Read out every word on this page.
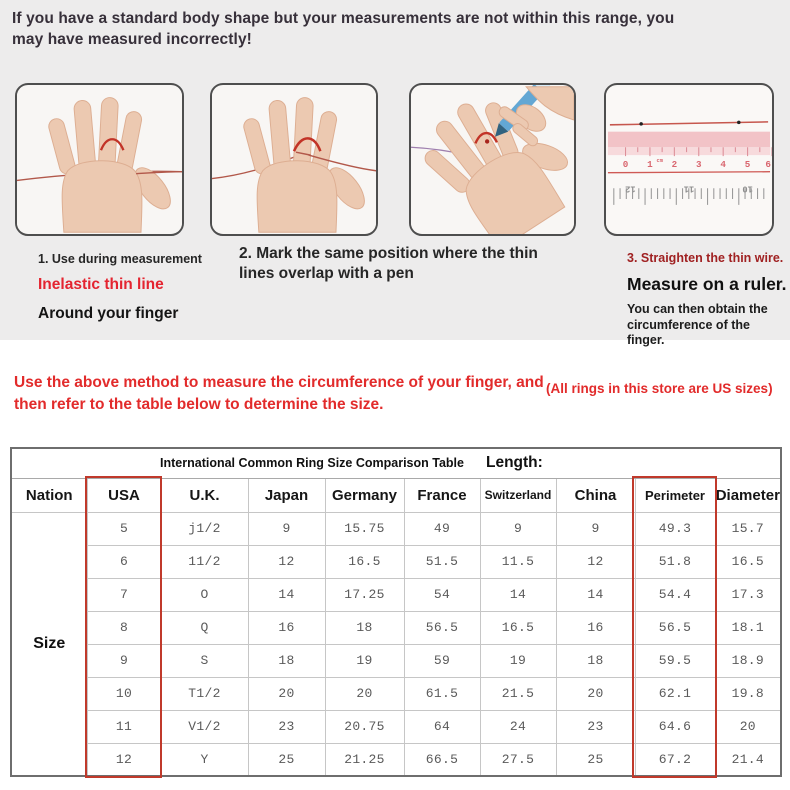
If you have a standard body shape but your measurements are not within this range, you may have measured incorrectly!
0 1 2 3 4 5 6
cm
12	11	10
1. Use during measurement
Inelastic thin line
Around your finger
2. Mark the same position where the thin lines overlap with a pen
3. Straighten the thin wire.
Measure on a ruler.
You can then obtain the circumference of the finger.
Use the above method to measure the circumference of your finger, and then refer to the table below to determine the size.
(All rings in this store are US sizes)
International Common Ring Size Comparison Table Length:									

Nation	USA	U.K.	Japan	Germany	France	Switzerland	China	Perimeter	Diameter
Size	5	j1/2	9	15.75	49	9	9	49.3	15.7
	6	11/2	12	16.5	51.5	11.5	12	51.8	16.5
	7	O	14	17.25	54	14	14	54.4	17.3
	8	Q	16	18	56.5	16.5	16	56.5	18.1
	9	S	18	19	59	19	18	59.5	18.9
	10	T1/2	20	20	61.5	21.5	20	62.1	19.8
	11	V1/2	23	20.75	64	24	23	64.6	20
	12	Y	25	21.25	66.5	27.5	25	67.2	21.4
